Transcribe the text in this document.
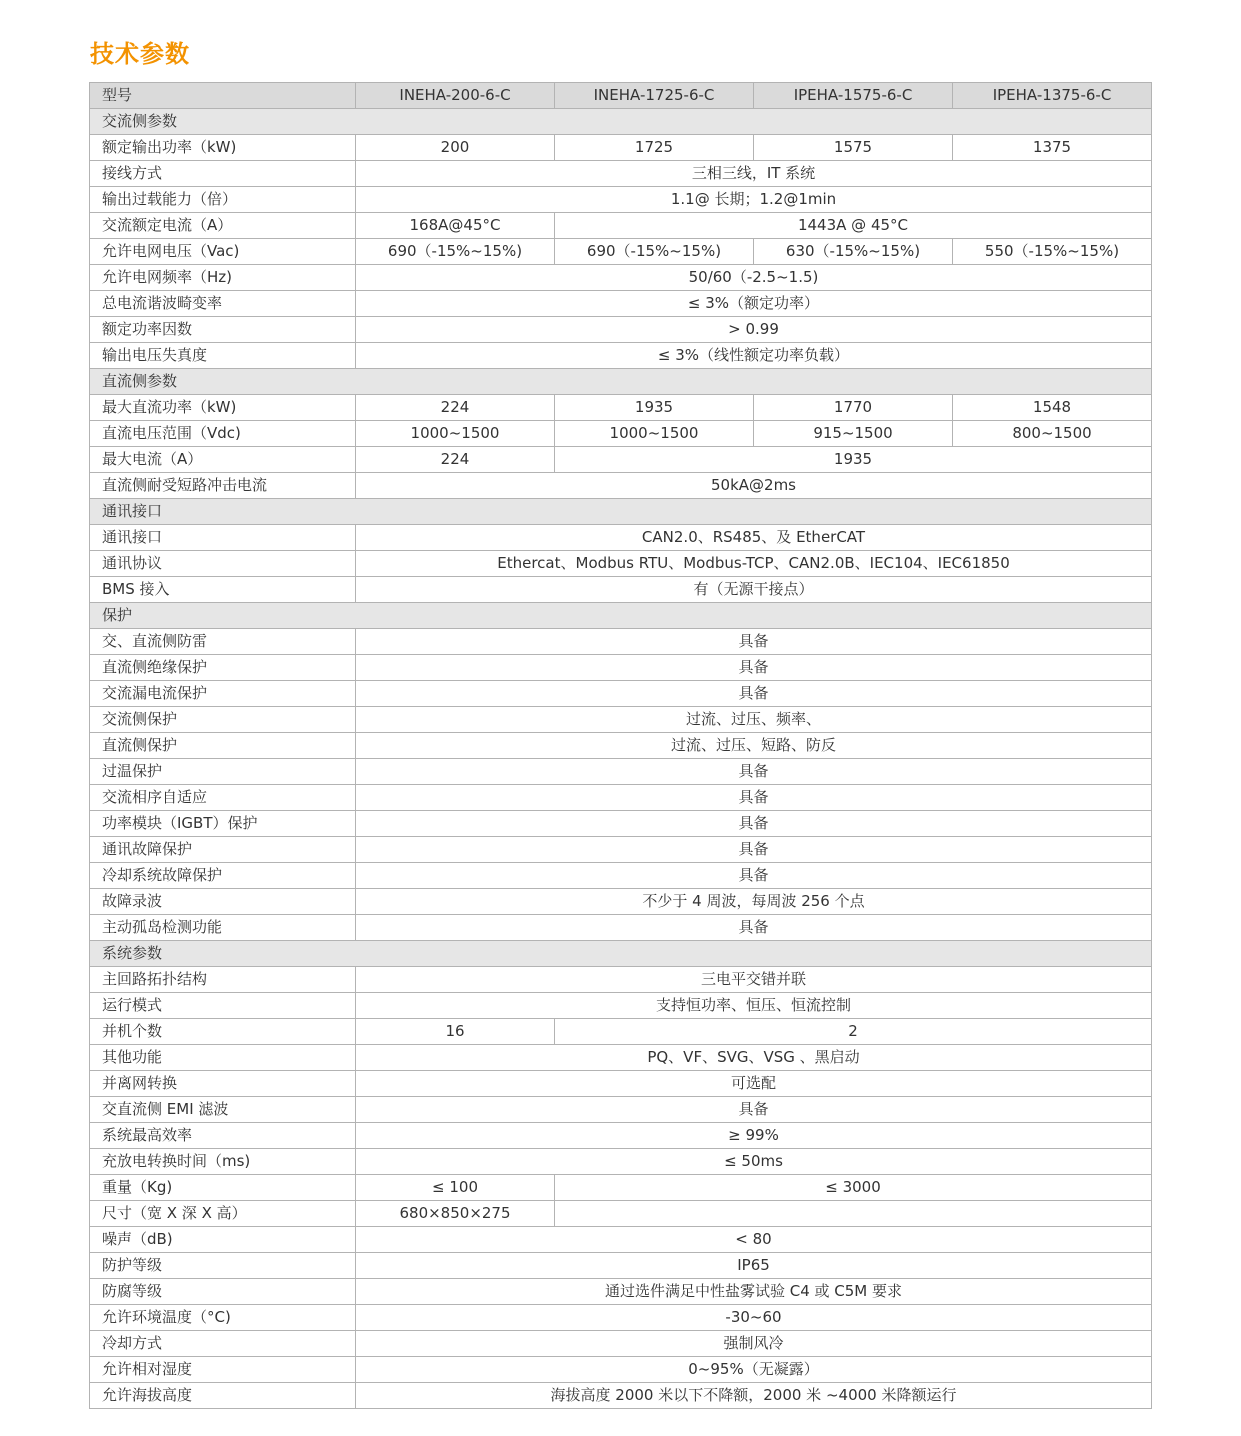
技术参数
型号	INEHA-200-6-C	INEHA-1725-6-C	IPEHA-1575-6-C	IPEHA-1375-6-C
交流侧参数				
额定输出功率（kW)	200	1725	1575	1375
接线方式	三相三线，IT 系统			
输出过载能力（倍）	1.1@ 长期；1.2@1min			
交流额定电流（A）	168A@45°C	1443A @ 45°C		
允许电网电压（Vac)	690（-15%~15%)	690（-15%~15%)	630（-15%~15%)	550（-15%~15%)
允许电网频率（Hz)	50/60（-2.5~1.5)			
总电流谐波畸变率	≤ 3%（额定功率）			
额定功率因数	> 0.99			
输出电压失真度	≤ 3%（线性额定功率负载）			
直流侧参数				
最大直流功率（kW)	224	1935	1770	1548
直流电压范围（Vdc)	1000~1500	1000~1500	915~1500	800~1500
最大电流（A）	224	1935		
直流侧耐受短路冲击电流	50kA@2ms			
通讯接口				
通讯接口	CAN2.0、RS485、及 EtherCAT			
通讯协议	Ethercat、Modbus RTU、Modbus-TCP、CAN2.0B、IEC104、IEC61850			
BMS 接入	有（无源干接点）			
保护				
交、直流侧防雷	具备			
直流侧绝缘保护	具备			
交流漏电流保护	具备			
交流侧保护	过流、过压、频率、			
直流侧保护	过流、过压、短路、防反			
过温保护	具备			
交流相序自适应	具备			
功率模块（IGBT）保护	具备			
通讯故障保护	具备			
冷却系统故障保护	具备			
故障录波	不少于 4 周波，每周波 256 个点			
主动孤岛检测功能	具备			
系统参数				
主回路拓扑结构	三电平交错并联			
运行模式	支持恒功率、恒压、恒流控制			
并机个数	16	2		
其他功能	PQ、VF、SVG、VSG 、黑启动			
并离网转换	可选配			
交直流侧 EMI 滤波	具备			
系统最高效率	≥ 99%			
充放电转换时间（ms)	≤ 50ms			
重量（Kg)	≤ 100	≤ 3000		
尺寸（宽 X 深 X 高）	680×850×275			
噪声（dB)	< 80			
防护等级	IP65			
防腐等级	通过选件满足中性盐雾试验 C4 或 C5M 要求			
允许环境温度（°C)	-30~60			
冷却方式	强制风冷			
允许相对湿度	0~95%（无凝露）			
允许海拔高度	海拔高度 2000 米以下不降额，2000 米 ~4000 米降额运行			
